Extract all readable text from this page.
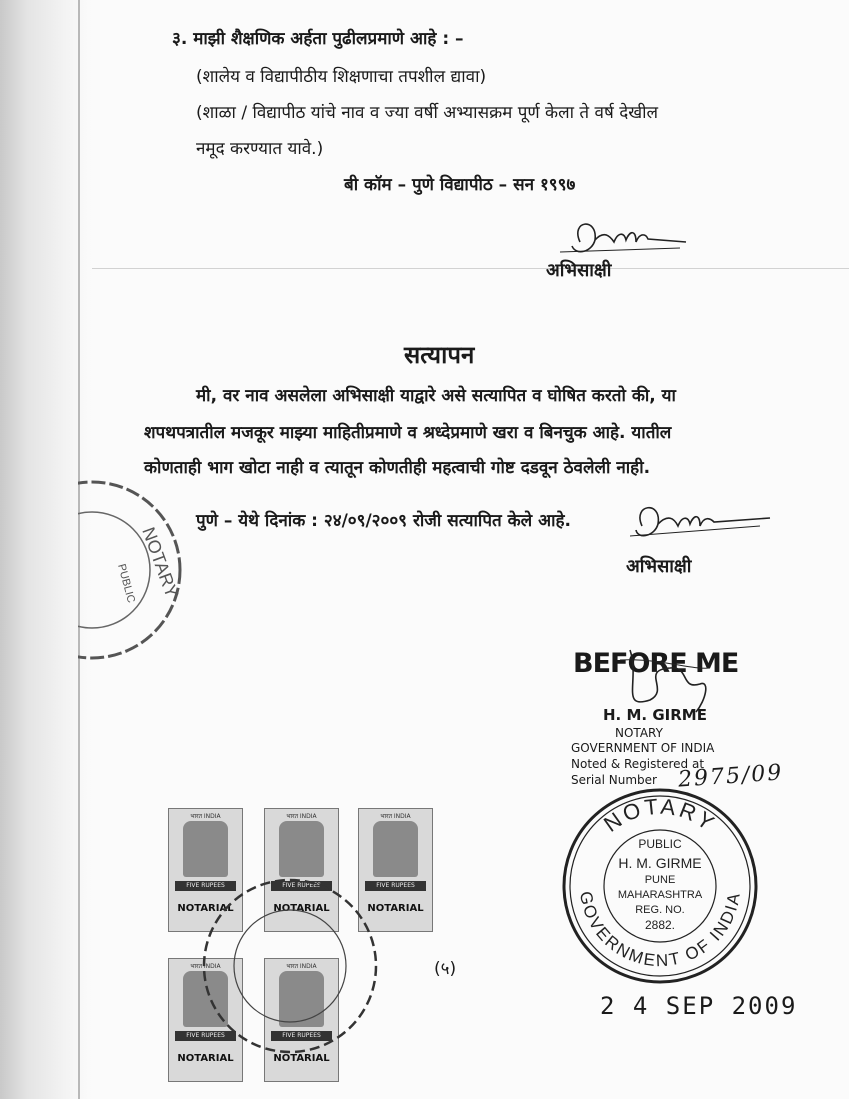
३. माझी शैक्षणिक अर्हता पुढीलप्रमाणे आहे : –
(शालेय व विद्यापीठीय शिक्षणाचा तपशील द्यावा)
(शाळा / विद्यापीठ यांचे नाव व ज्या वर्षी अभ्यासक्रम पूर्ण केला ते वर्ष देखील
नमूद करण्यात यावे.)
बी कॉम – पुणे विद्यापीठ – सन १९९७
अभिसाक्षी
सत्यापन
मी, वर नाव असलेला अभिसाक्षी याद्वारे असे सत्यापित व घोषित करतो की, या
शपथपत्रातील मजकूर माझ्या माहितीप्रमाणे व श्रध्देप्रमाणे खरा व बिनचुक आहे. यातील
कोणताही भाग खोटा नाही व त्यातून कोणतीही महत्वाची गोष्ट दडवून ठेवलेली नाही.
पुणे – येथे दिनांक : २४/०९/२००९ रोजी सत्यापित केले आहे.
अभिसाक्षी
PUBLIC NOTARY
BEFORE ME
H. M. GIRME
NOTARY
GOVERNMENT OF INDIA
Noted & Registered at
Serial Number 2975/09
NOTARY
GOVERNMENT OF INDIA
PUBLIC
H. M. GIRME
PUNE
MAHARASHTRA
REG. NO.
2882.
भारत INDIA
FIVE RUPEES
NOTARIAL
भारत INDIA
FIVE RUPEES
NOTARIAL
भारत INDIA
FIVE RUPEES
NOTARIAL
भारत INDIA
FIVE RUPEES
NOTARIAL
भारत INDIA
FIVE RUPEES
NOTARIAL
(५)
2 4 SEP 2009
